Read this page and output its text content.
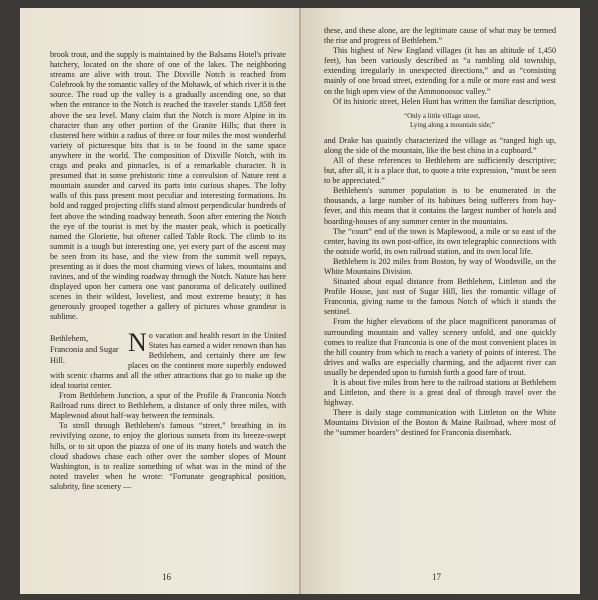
brook trout, and the supply is maintained by the Balsams Hotel's private hatchery, located on the shore of one of the lakes. The neighboring streams are alive with trout. The Dixville Notch is reached from Colebrook by the romantic valley of the Mohawk, of which river it is the source. The road up the valley is a gradually ascending one, so that when the entrance to the Notch is reached the traveler stands 1,858 feet above the sea level. Many claim that the Notch is more Alpine in its character than any other portion of the Granite Hills; that there is clustered here within a radius of three or four miles the most wonderful variety of picturesque bits that is to be found in the same space anywhere in the world. The composition of Dixville Notch, with its crags and peaks and pinnacles, is of a remarkable character. It is presumed that in some prehistoric time a convulsion of Nature rent a mountain asunder and carved its parts into curious shapes. The lofty walls of this pass present most peculiar and interesting formations. Its bold and ragged projecting cliffs stand almost perpendicular hundreds of feet above the winding roadway beneath. Soon after entering the Notch the eye of the tourist is met by the master peak, which is poetically named the Gloriette, but oftener called Table Rock. The climb to its summit is a tough but interesting one, yet every part of the ascent may be seen from its base, and the view from the summit well repays, presenting as it does the most charming views of lakes, mountains and ravines, and of the winding roadway through the Notch. Nature has here displayed upon her camera one vast panorama of delicately outlined scenes in their wildest, loveliest, and most extreme beauty; it has generously grouped together a gallery of pictures whose grandeur is sublime.

Bethlehem, Franconia and Sugar Hill.

No vacation and health resort in the United States has earned a wider renown than has Bethlehem, and certainly there are few places on the continent more superbly endowed with scenic charms and all the other attractions that go to make up the ideal tourist center.

From Bethlehem Junction, a spur of the Profile & Franconia Notch Railroad runs direct to Bethlehem, a distance of only three miles, with Maplewood about half-way between the terminals.

To stroll through Bethlehem's famous “street,” breathing in its revivifying ozone, to enjoy the glorious sunsets from its breeze-swept hills, or to sit upon the piazza of one of its many hotels and watch the cloud shadows chase each other over the somber slopes of Mount Washington, is to realize something of what was in the mind of the noted traveler when he wrote: “Fortunate geographical position, salubrity, fine scenery —

16

these, and these alone, are the legitimate cause of what may be termed the rise and progress of Bethlehem.”

This highest of New England villages (it has an altitude of 1,450 feet), has been variously described as “a rambling old township, extending irregularly in unexpected directions,” and as “consisting mainly of one broad street, extending for a mile or more east and west on the high open view of the Ammonoosuc valley.”

Of its historic street, Helen Hunt has written the familiar description,

“Only a little village street,
Lying along a mountain side;”

and Drake has quaintly characterized the village as “ranged high up, along the side of the mountain, like the best china in a cupboard.”

All of these references to Bethlehem are sufficiently descriptive; but, after all, it is a place that, to quote a trite expression, “must be seen to be appreciated.”

Bethlehem's summer population is to be enumerated in the thousands, a large number of its habitues being sufferers from hay-fever, and this means that it contains the largest number of hotels and boarding-houses of any summer center in the mountains.

The “court” end of the town is Maplewood, a mile or so east of the center, having its own post-office, its own telegraphic connections with the outside world, its own railroad station, and its own local life.

Bethlehem is 202 miles from Boston, by way of Woodsville, on the White Mountains Division.

Situated about equal distance from Bethlehem, Littleton and the Profile House, just east of Sugar Hill, lies the romantic village of Franconia, giving name to the famous Notch of which it stands the sentinel.

From the higher elevations of the place magnificent panoramas of surrounding mountain and valley scenery unfold, and one quickly comes to realize that Franconia is one of the most convenient places in the hill country from which to reach a variety of points of interest. The drives and walks are especially charming, and the adjacent river can usually be depended upon to furnish forth a good fare of trout.

It is about five miles from here to the railroad stations at Bethlehem and Littleton, and there is a great deal of through travel over the highway.

There is daily stage communication with Littleton on the White Mountains Division of the Boston & Maine Railroad, where most of the “summer boarders” destined for Franconia disembark.

17
